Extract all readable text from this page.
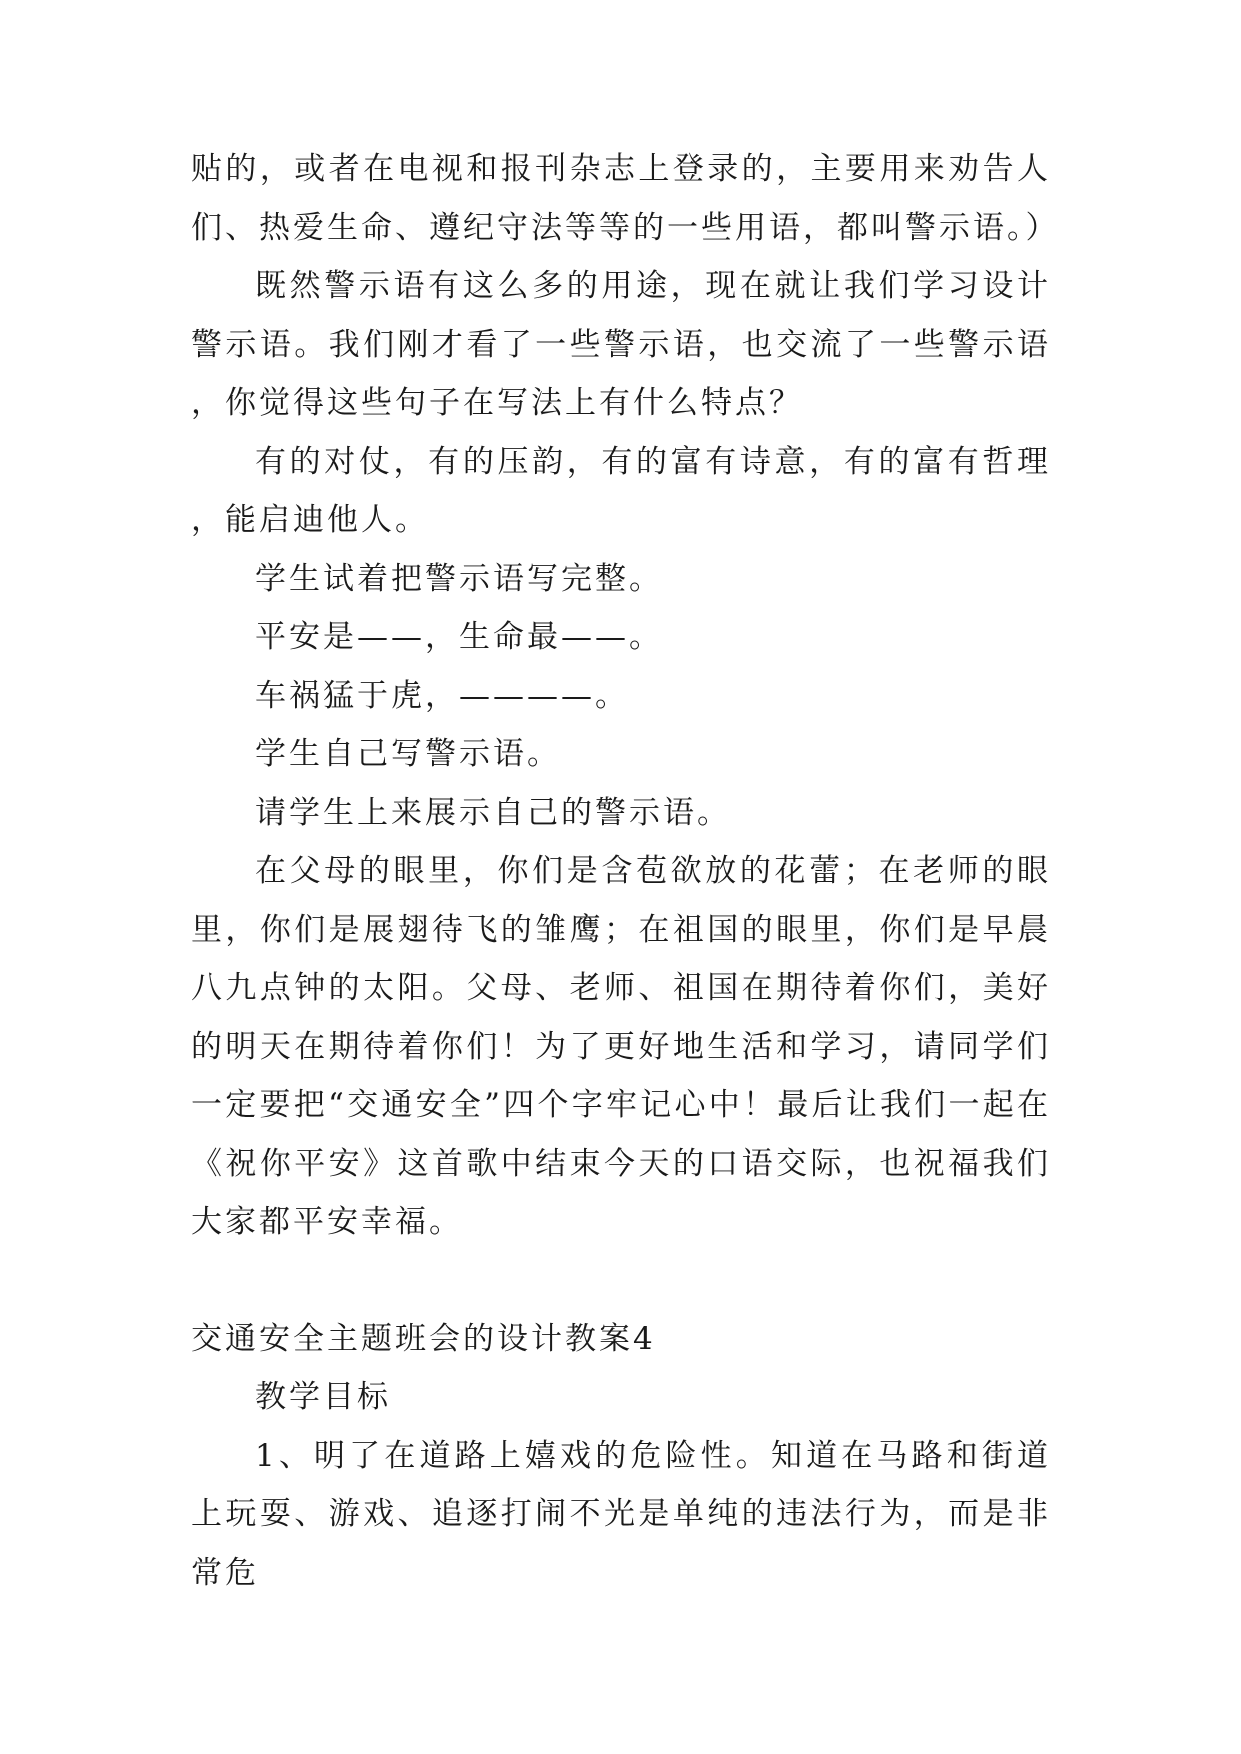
贴的，或者在电视和报刊杂志上登录的，主要用来劝告人们、热爱生命、遵纪守法等等的一些用语，都叫警示语。）

既然警示语有这么多的用途，现在就让我们学习设计警示语。我们刚才看了一些警示语，也交流了一些警示语，你觉得这些句子在写法上有什么特点？

有的对仗，有的压韵，有的富有诗意，有的富有哲理，能启迪他人。

学生试着把警示语写完整。

平安是——，生命最——。

车祸猛于虎，————。

学生自己写警示语。

请学生上来展示自己的警示语。

在父母的眼里，你们是含苞欲放的花蕾；在老师的眼里，你们是展翅待飞的雏鹰；在祖国的眼里，你们是早晨八九点钟的太阳。父母、老师、祖国在期待着你们，美好的明天在期待着你们！为了更好地生活和学习，请同学们一定要把“交通安全”四个字牢记心中！最后让我们一起在《祝你平安》这首歌中结束今天的口语交际，也祝福我们大家都平安幸福。

交通安全主题班会的设计教案4

教学目标

1、明了在道路上嬉戏的危险性。知道在马路和街道上玩耍、游戏、追逐打闹不光是单纯的违法行为，而是非常危
